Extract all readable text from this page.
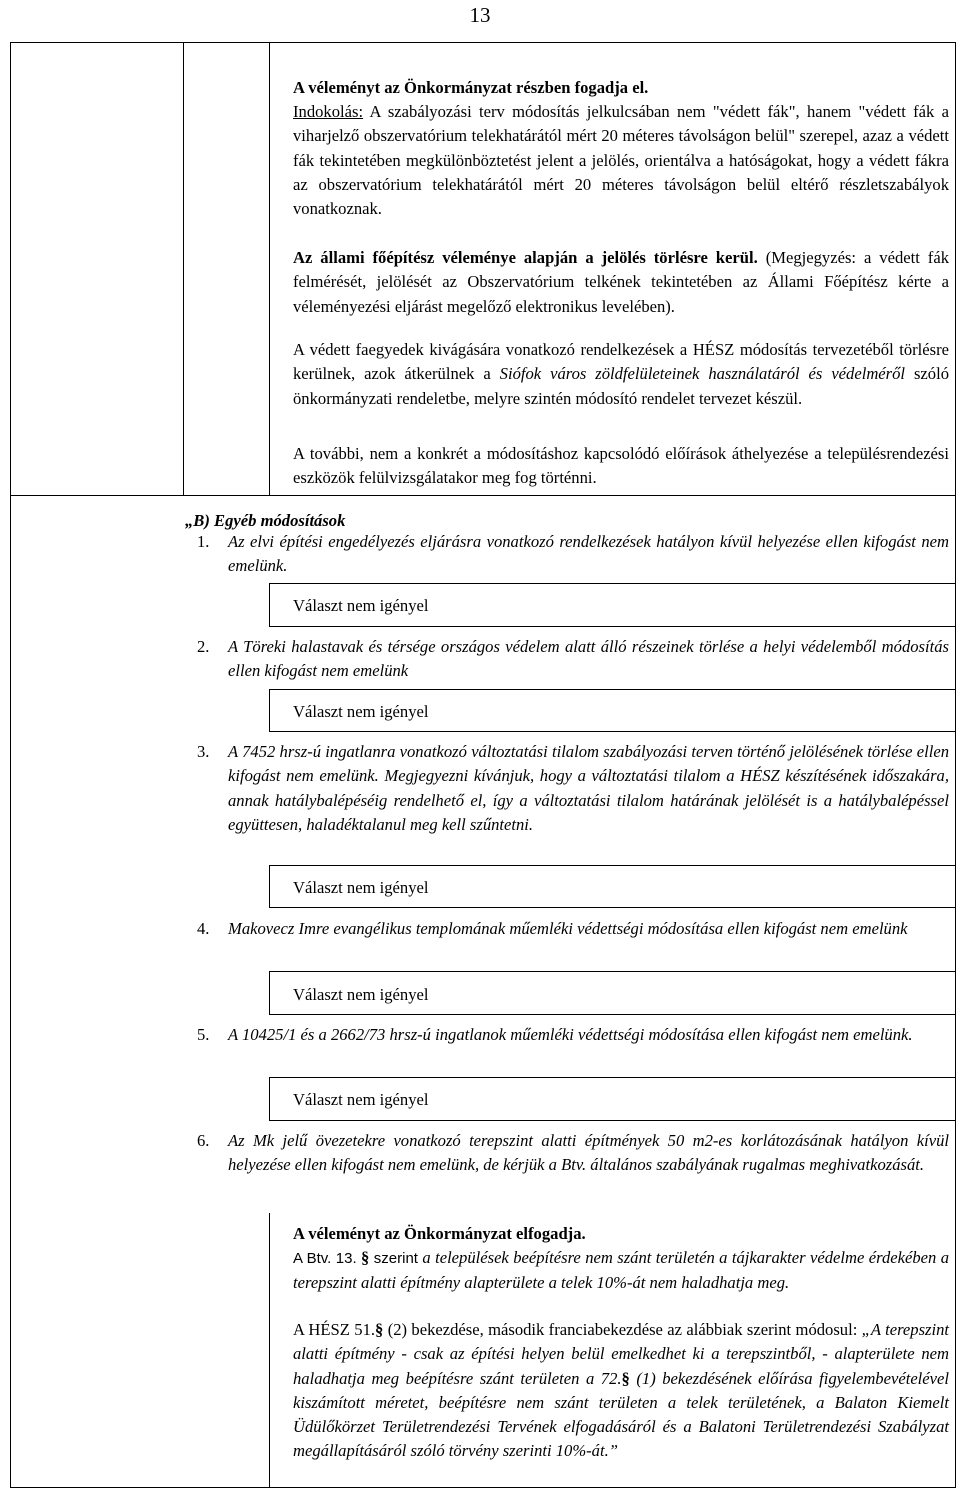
13
A véleményt az Önkormányzat részben fogadja el.
Indokolás: A szabályozási terv módosítás jelkulcsában nem "védett fák", hanem "védett fák a viharjelző obszervatórium telekhatárától mért 20 méteres távolságon belül" szerepel, azaz a védett fák tekintetében megkülönböztetést jelent a jelölés, orientálva a hatóságokat, hogy a védett fákra az obszervatórium telekhatárától mért 20 méteres távolságon belül eltérő részletszabályok vonatkoznak.
Az állami főépítész véleménye alapján a jelölés törlésre kerül. (Megjegyzés: a védett fák felmérését, jelölését az Obszervatórium telkének tekintetében az Állami Főépítész kérte a véleményezési eljárást megelőző elektronikus levelében).
A védett faegyedek kivágására vonatkozó rendelkezések a HÉSZ módosítás tervezetéből törlésre kerülnek, azok átkerülnek a Siófok város zöldfelületeinek használatáról és védelméről szóló önkormányzati rendeletbe, melyre szintén módosító rendelet tervezet készül.
A további, nem a konkrét a módosításhoz kapcsolódó előírások áthelyezése a településrendezési eszközök felülvizsgálatakor meg fog történni.
„B) Egyéb módosítások
1. Az elvi építési engedélyezés eljárásra vonatkozó rendelkezések hatályon kívül helyezése ellen kifogást nem emelünk.
Választ nem igényel
2. A Töreki halastavak és térsége országos védelem alatt álló részeinek törlése a helyi védelemből módosítás ellen kifogást nem emelünk
Választ nem igényel
3. A 7452 hrsz-ú ingatlanra vonatkozó változtatási tilalom szabályozási terven történő jelölésének törlése ellen kifogást nem emelünk. Megjegyezni kívánjuk, hogy a változtatási tilalom a HÉSZ készítésének időszakára, annak hatálybalépéséig rendelhető el, így a változtatási tilalom határának jelölését is a hatálybalépéssel együttesen, haladéktalanul meg kell szűntetni.
Választ nem igényel
4. Makovecz Imre evangélikus templomának műemléki védettségi módosítása ellen kifogást nem emelünk
Választ nem igényel
5. A 10425/1 és a 2662/73 hrsz-ú ingatlanok műemléki védettségi módosítása ellen kifogást nem emelünk.
Választ nem igényel
6. Az Mk jelű övezetekre vonatkozó terepszint alatti építmények 50 m2-es korlátozásának hatályon kívül helyezése ellen kifogást nem emelünk, de kérjük a Btv. általános szabályának rugalmas meghivatkozását.
A véleményt az Önkormányzat elfogadja.
A Btv. 13. § szerint a települések beépítésre nem szánt területén a tájkarakter védelme érdekében a terepszint alatti építmény alapterülete a telek 10%-át nem haladhatja meg.
A HÉSZ 51.§ (2) bekezdése, második franciabekezdése az alábbiak szerint módosul: „A terepszint alatti építmény - csak az építési helyen belül emelkedhet ki a terepszintből, - alapterülete nem haladhatja meg beépítésre szánt területen a 72.§ (1) bekezdésének előírása figyelembevételével kiszámított méretet, beépítésre nem szánt területen a telek területének, a Balaton Kiemelt Üdülőkörzet Területrendezési Tervének elfogadásáról és a Balatoni Területrendezési Szabályzat megállapításáról szóló törvény szerinti 10%-át.”
